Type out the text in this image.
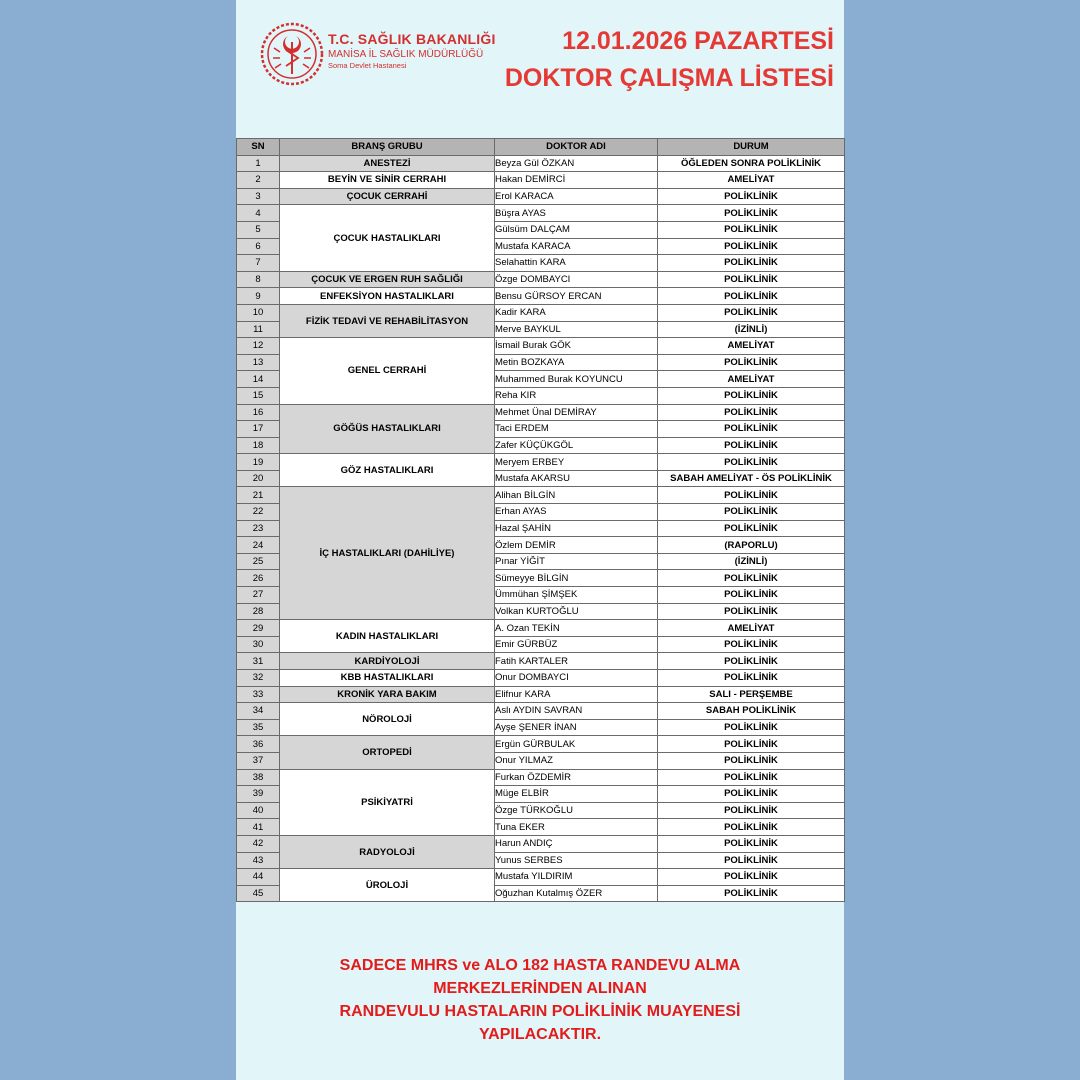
T.C. SAĞLIK BAKANLIĞI
MANİSA İL SAĞLIK MÜDÜRLÜĞÜ
Soma Devlet Hastanesi
12.01.2026 PAZARTESİ
DOKTOR ÇALIŞMA LİSTESİ
SN	BRANŞ GRUBU	DOKTOR ADI	DURUM
1	ANESTEZİ	Beyza Gül ÖZKAN	ÖĞLEDEN SONRA POLİKLİNİK
2	BEYİN VE SİNİR CERRAHI	Hakan DEMİRCİ	AMELİYAT
3	ÇOCUK CERRAHİ	Erol KARACA	POLİKLİNİK
4	ÇOCUK HASTALIKLARI	Büşra AYAS	POLİKLİNİK
5		Gülsüm DALÇAM	POLİKLİNİK
6		Mustafa KARACA	POLİKLİNİK
7		Selahattin KARA	POLİKLİNİK
8	ÇOCUK VE ERGEN RUH SAĞLIĞI	Özge DOMBAYCI	POLİKLİNİK
9	ENFEKSİYON HASTALIKLARI	Bensu GÜRSOY ERCAN	POLİKLİNİK
10	FİZİK TEDAVİ VE REHABİLİTASYON	Kadir KARA	POLİKLİNİK
11		Merve BAYKUL	(İZİNLİ)
12	GENEL CERRAHİ	İsmail Burak GÖK	AMELİYAT
13		Metin BOZKAYA	POLİKLİNİK
14		Muhammed Burak KOYUNCU	AMELİYAT
15		Reha KIR	POLİKLİNİK
16	GÖĞÜS HASTALIKLARI	Mehmet Ünal DEMİRAY	POLİKLİNİK
17		Taci ERDEM	POLİKLİNİK
18		Zafer KÜÇÜKGÖL	POLİKLİNİK
19	GÖZ HASTALIKLARI	Meryem ERBEY	POLİKLİNİK
20		Mustafa AKARSU	SABAH AMELİYAT - ÖS POLİKLİNİK
21	İÇ HASTALIKLARI (DAHİLİYE)	Alihan BİLGİN	POLİKLİNİK
22		Erhan AYAS	POLİKLİNİK
23		Hazal ŞAHİN	POLİKLİNİK
24		Özlem DEMİR	(RAPORLU)
25		Pınar YİĞİT	(İZİNLİ)
26		Sümeyye BİLGİN	POLİKLİNİK
27		Ümmühan ŞİMŞEK	POLİKLİNİK
28		Volkan KURTOĞLU	POLİKLİNİK
29	KADIN HASTALIKLARI	A. Ozan TEKİN	AMELİYAT
30		Emir GÜRBÜZ	POLİKLİNİK
31	KARDİYOLOJİ	Fatih KARTALER	POLİKLİNİK
32	KBB HASTALIKLARI	Onur DOMBAYCI	POLİKLİNİK
33	KRONİK YARA BAKIM	Elifnur KARA	SALI - PERŞEMBE
34	NÖROLOJİ	Aslı AYDIN SAVRAN	SABAH POLİKLİNİK
35		Ayşe ŞENER İNAN	POLİKLİNİK
36	ORTOPEDİ	Ergün GÜRBULAK	POLİKLİNİK
37		Onur YILMAZ	POLİKLİNİK
38	PSİKİYATRİ	Furkan ÖZDEMİR	POLİKLİNİK
39		Müge ELBİR	POLİKLİNİK
40		Özge TÜRKOĞLU	POLİKLİNİK
41		Tuna EKER	POLİKLİNİK
42	RADYOLOJİ	Harun ANDIÇ	POLİKLİNİK
43		Yunus SERBES	POLİKLİNİK
44	ÜROLOJİ	Mustafa YILDIRIM	POLİKLİNİK
45		Oğuzhan Kutalmış ÖZER	POLİKLİNİK
SADECE MHRS ve ALO 182 HASTA RANDEVU ALMA
MERKEZLERİNDEN ALINAN
RANDEVULU HASTALARIN POLİKLİNİK MUAYENESİ
YAPILACAKTIR.
